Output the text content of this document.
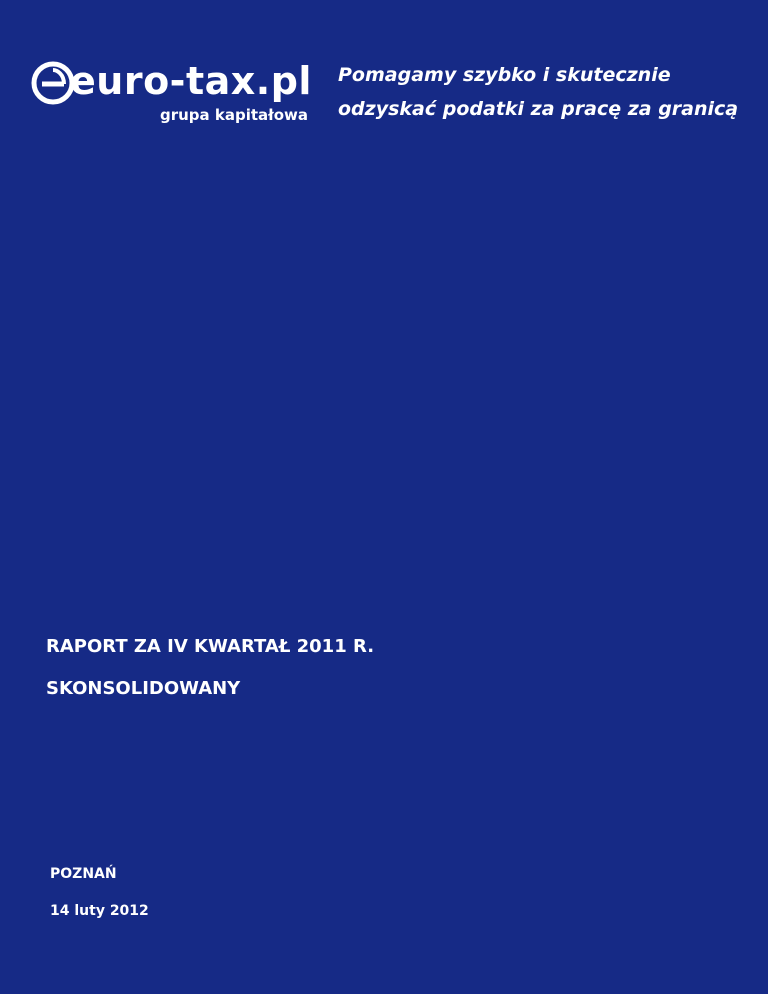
euro-tax.pl
grupa kapitałowa
Pomagamy szybko i skutecznie
odzyskać podatki za pracę za granicą
RAPORT ZA IV KWARTAŁ 2011 R.
SKONSOLIDOWANY
POZNAŃ
14 luty 2012
